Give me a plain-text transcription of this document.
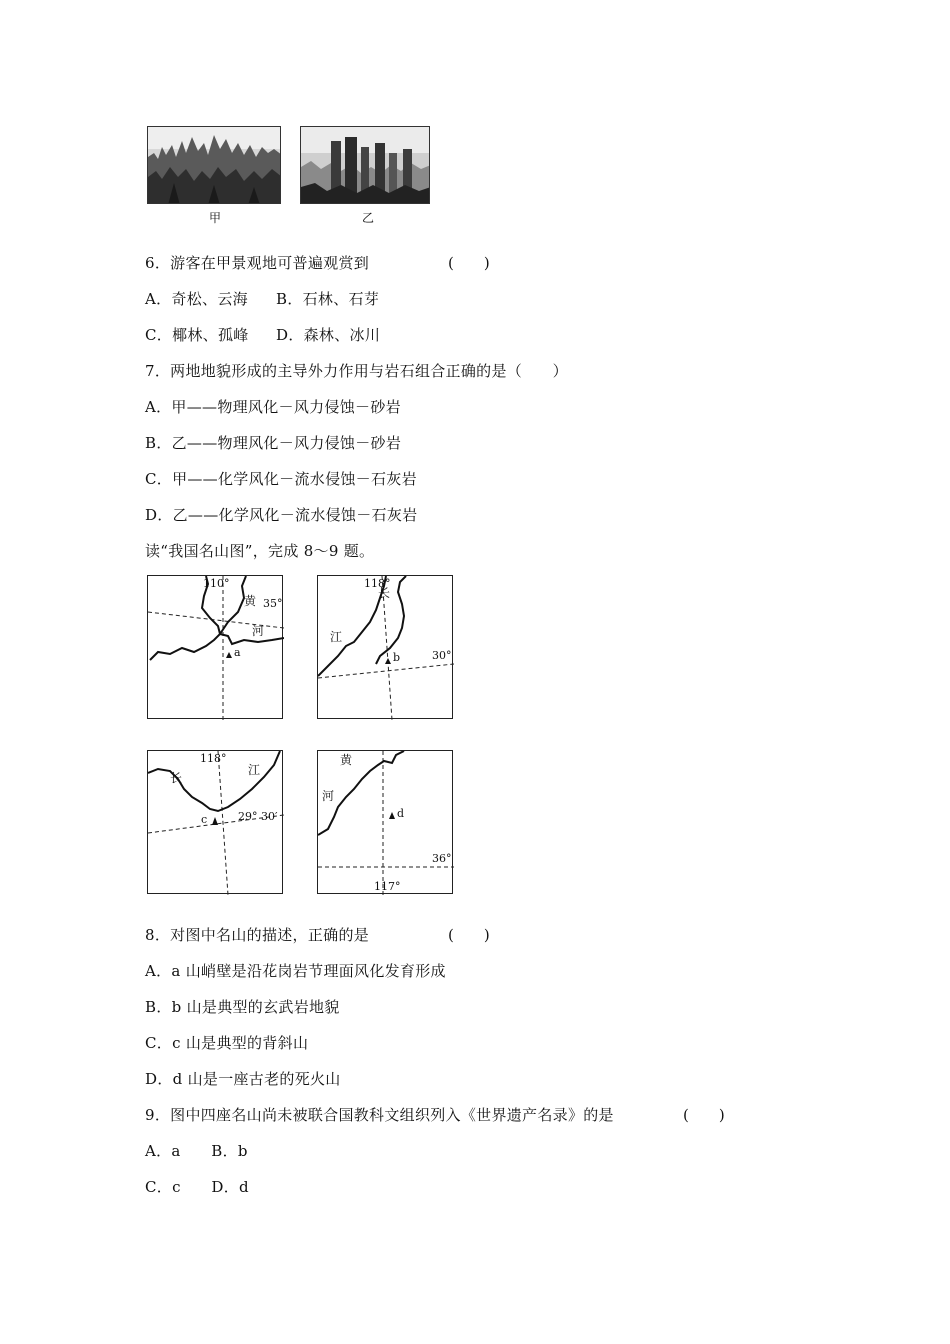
甲	乙
6．游客在甲景观地可普遍观赏到	(　　)
A．奇松、云海 B．石林、石芽
C．椰林、孤峰 D．森林、冰川
7．两地地貌形成的主导外力作用与岩石组合正确的是（　　）
A．甲——物理风化－风力侵蚀－砂岩
B．乙——物理风化－风力侵蚀－砂岩
C．甲——化学风化－流水侵蚀－石灰岩
D．乙——化学风化－流水侵蚀－石灰岩
读“我国名山图”，完成 8～9 题。
110°
35°
黄
河
a
118°
30°
长
江
b
118°
29° 30′
长
江
c
117°
36°
黄
河
d
8．对图中名山的描述，正确的是	(　　)
A．a 山峭壁是沿花岗岩节理面风化发育形成
B．b 山是典型的玄武岩地貌
C．c 山是典型的背斜山
D．d 山是一座古老的死火山
9．图中四座名山尚未被联合国教科文组织列入《世界遗产名录》的是	(　　)
A．a　　B．b
C．c　　D．d
